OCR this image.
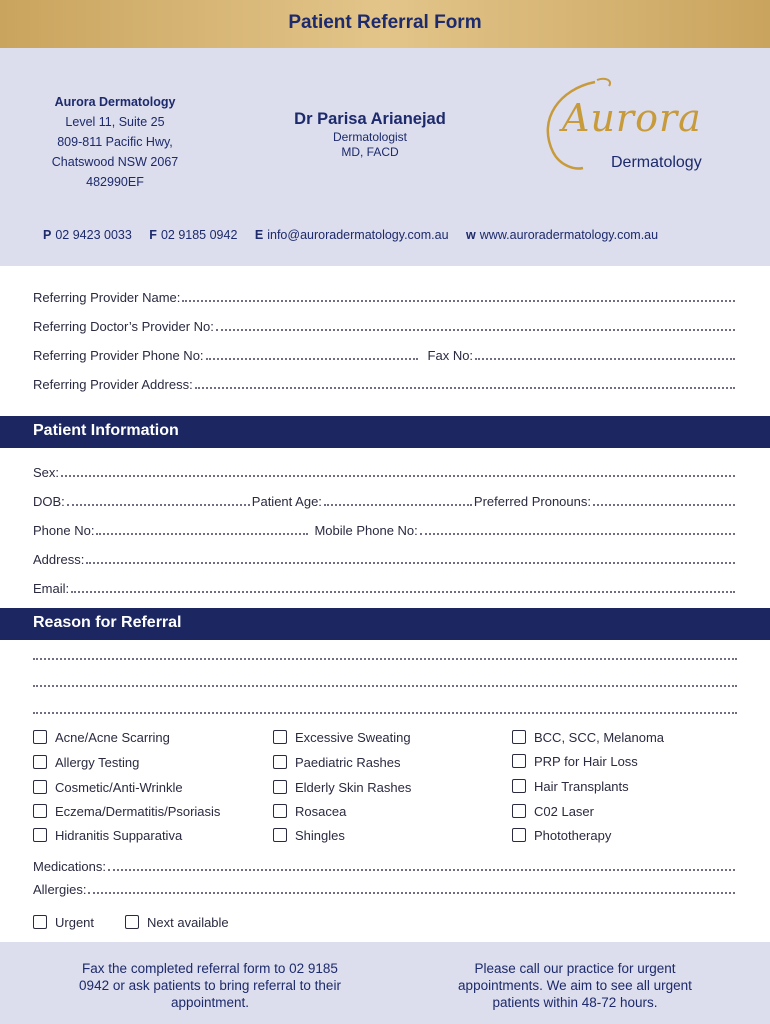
Patient Referral Form
Aurora Dermatology
Level 11, Suite 25
809-811 Pacific Hwy,
Chatswood NSW 2067
482990EF
Dr Parisa Arianejad
Dermatologist
MD, FACD
Aurora
Dermatology
P 02 9423 0033 F 02 9185 0942 E info@auroradermatology.com.au w www.auroradermatology.com.au
Referring Provider Name:
Referring Doctor’s Provider No:
Referring Provider Phone No:	Fax No:
Referring Provider Address:
Patient Information
Sex:
DOB:	Patient Age:	Preferred Pronouns:
Phone No:	Mobile Phone No:
Address:
Email:
Reason for Referral
Acne/Acne Scarring
Allergy Testing
Cosmetic/Anti-Wrinkle
Eczema/Dermatitis/Psoriasis
Hidranitis Supparativa
Excessive Sweating
Paediatric Rashes
Elderly Skin Rashes
Rosacea
Shingles
BCC, SCC, Melanoma
PRP for Hair Loss
Hair Transplants
C02 Laser
Phototherapy
Medications:
Allergies:
Urgent	Next available
Fax the completed referral form to 02 9185 0942 or ask patients to bring referral to their appointment.
Please call our practice for urgent appointments. We aim to see all urgent patients within 48-72 hours.
